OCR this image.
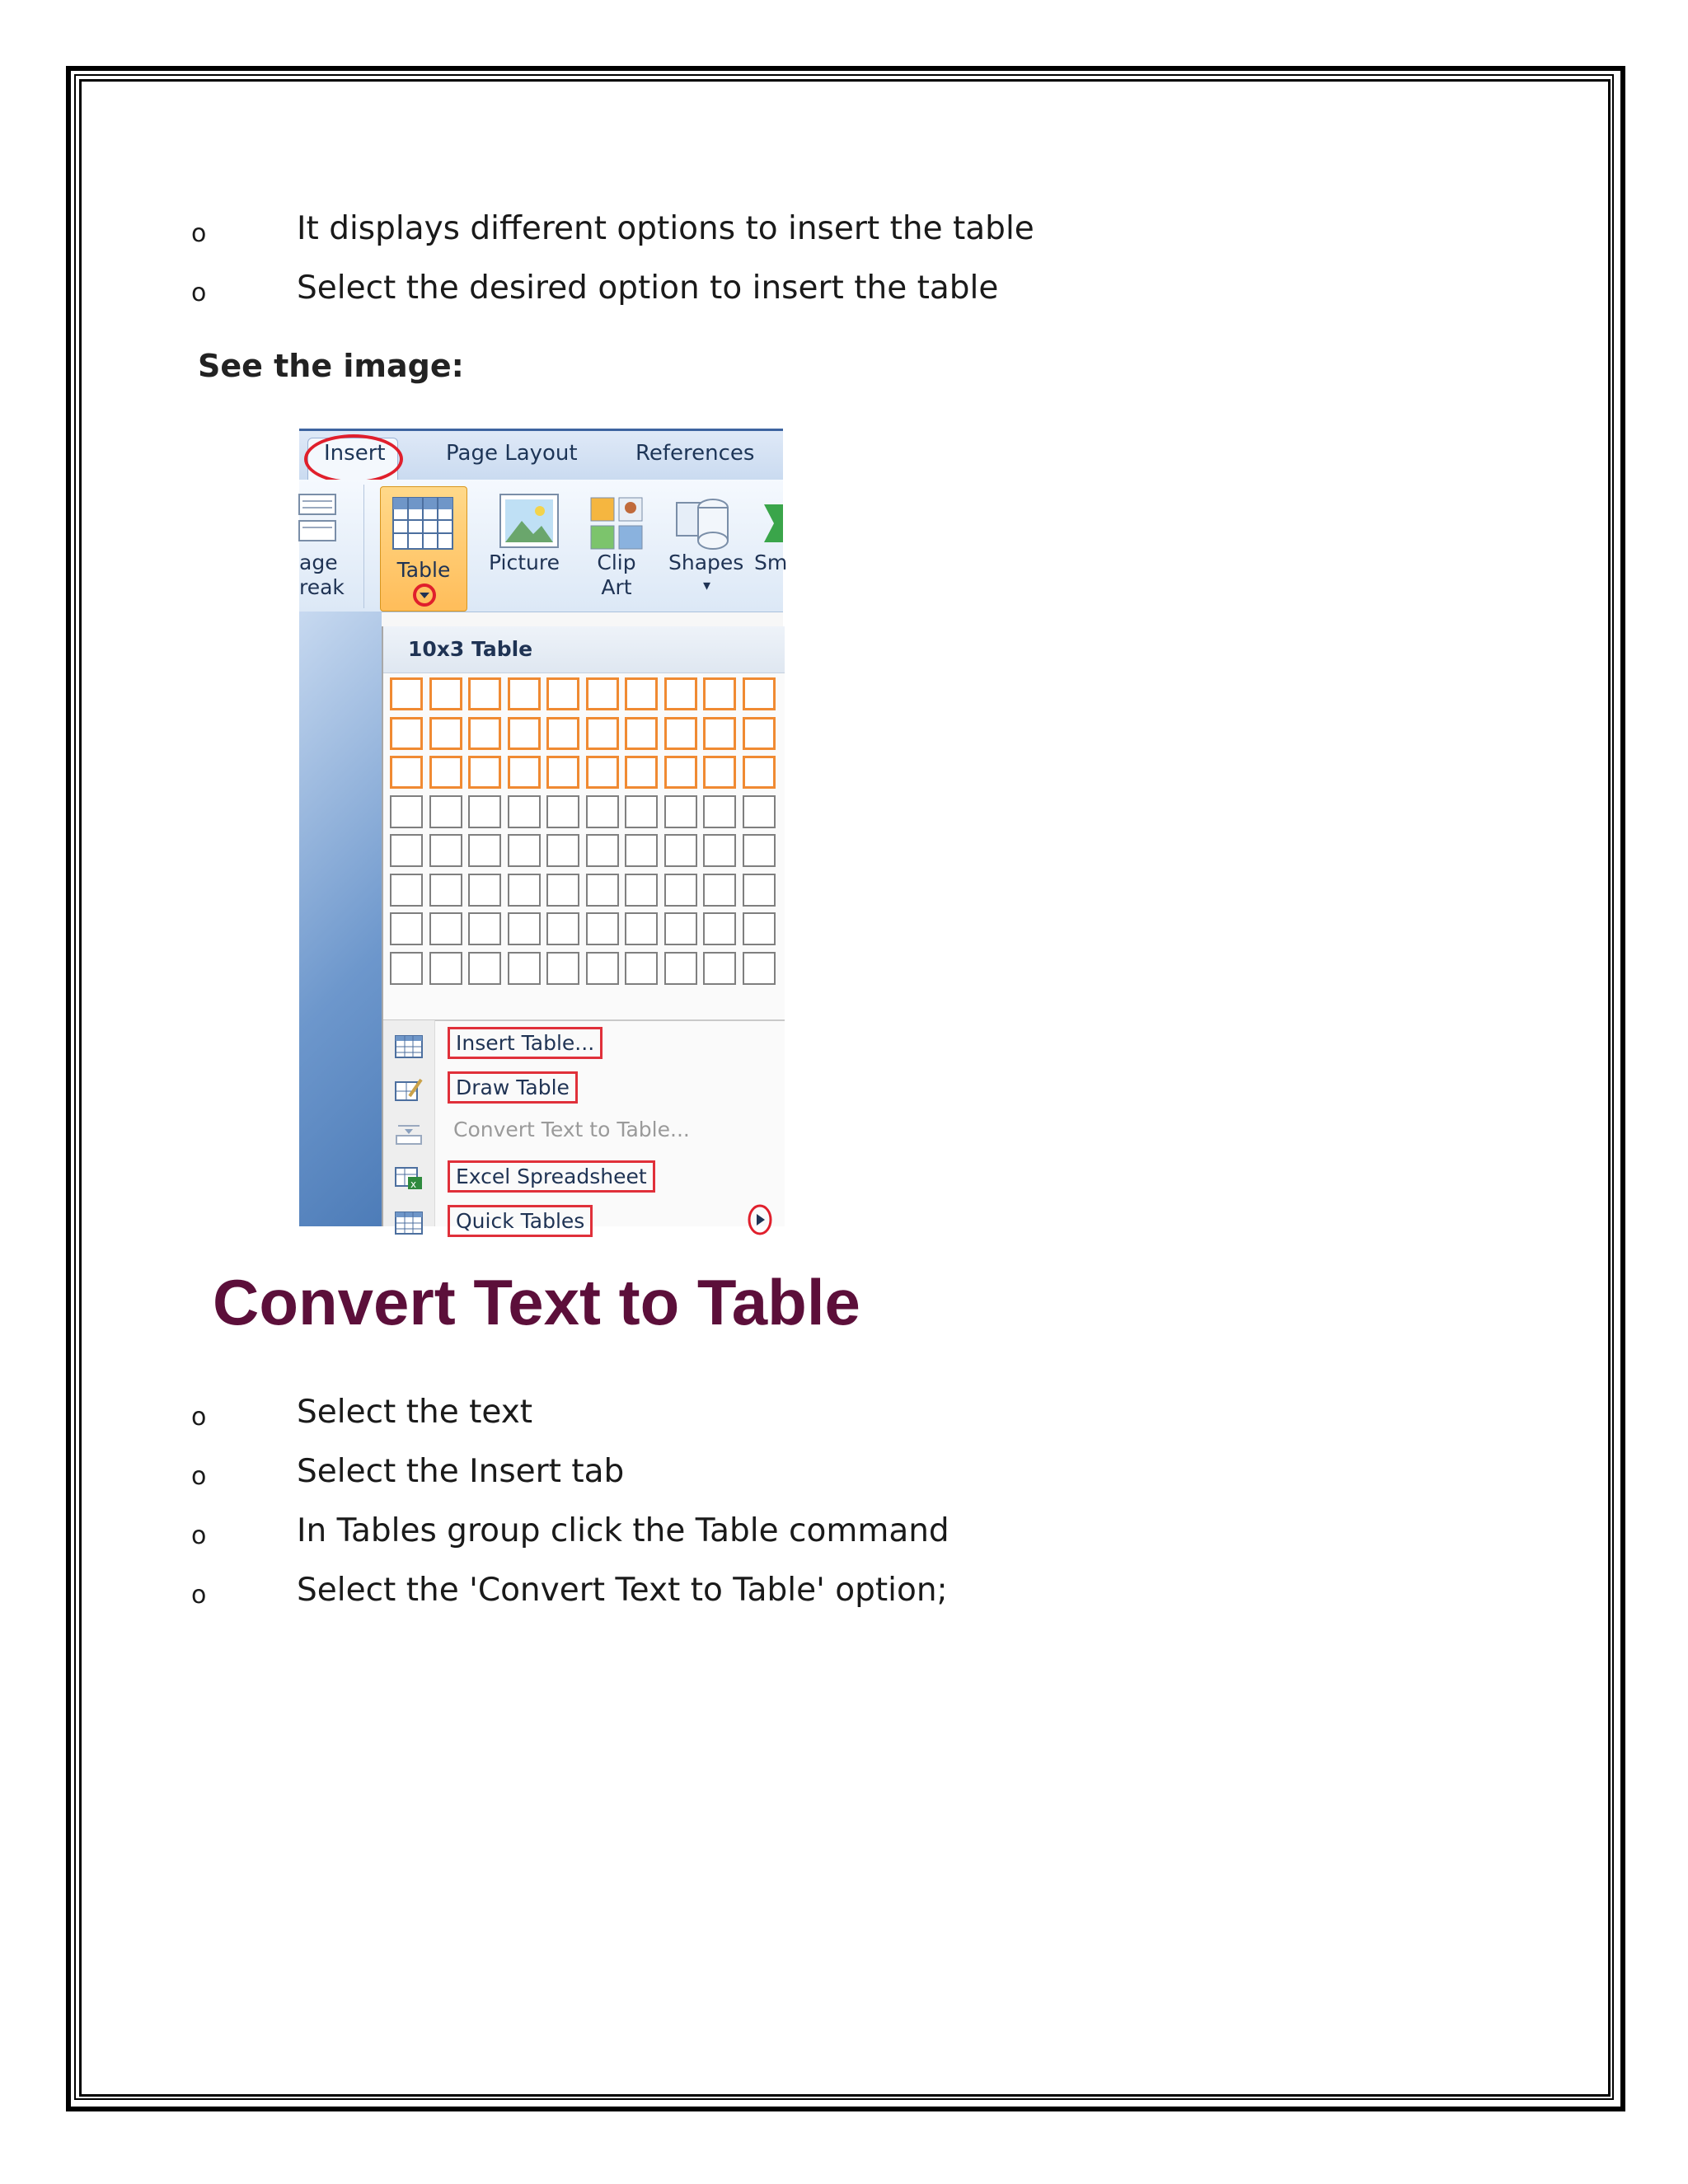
o	It displays different options to insert the table
o	Select the desired option to insert the table
See the image:
Insert	Page Layout	References
age
reak
Table	Picture	Clip
Art
Shapes
▾
Sm
10x3 Table
Insert Table...
Draw Table
Convert Text to Table...
x	Excel Spreadsheet
Quick Tables
Convert Text to Table
o	Select the text
o	Select the Insert tab
o	In Tables group click the Table command
o	Select the 'Convert Text to Table' option;
